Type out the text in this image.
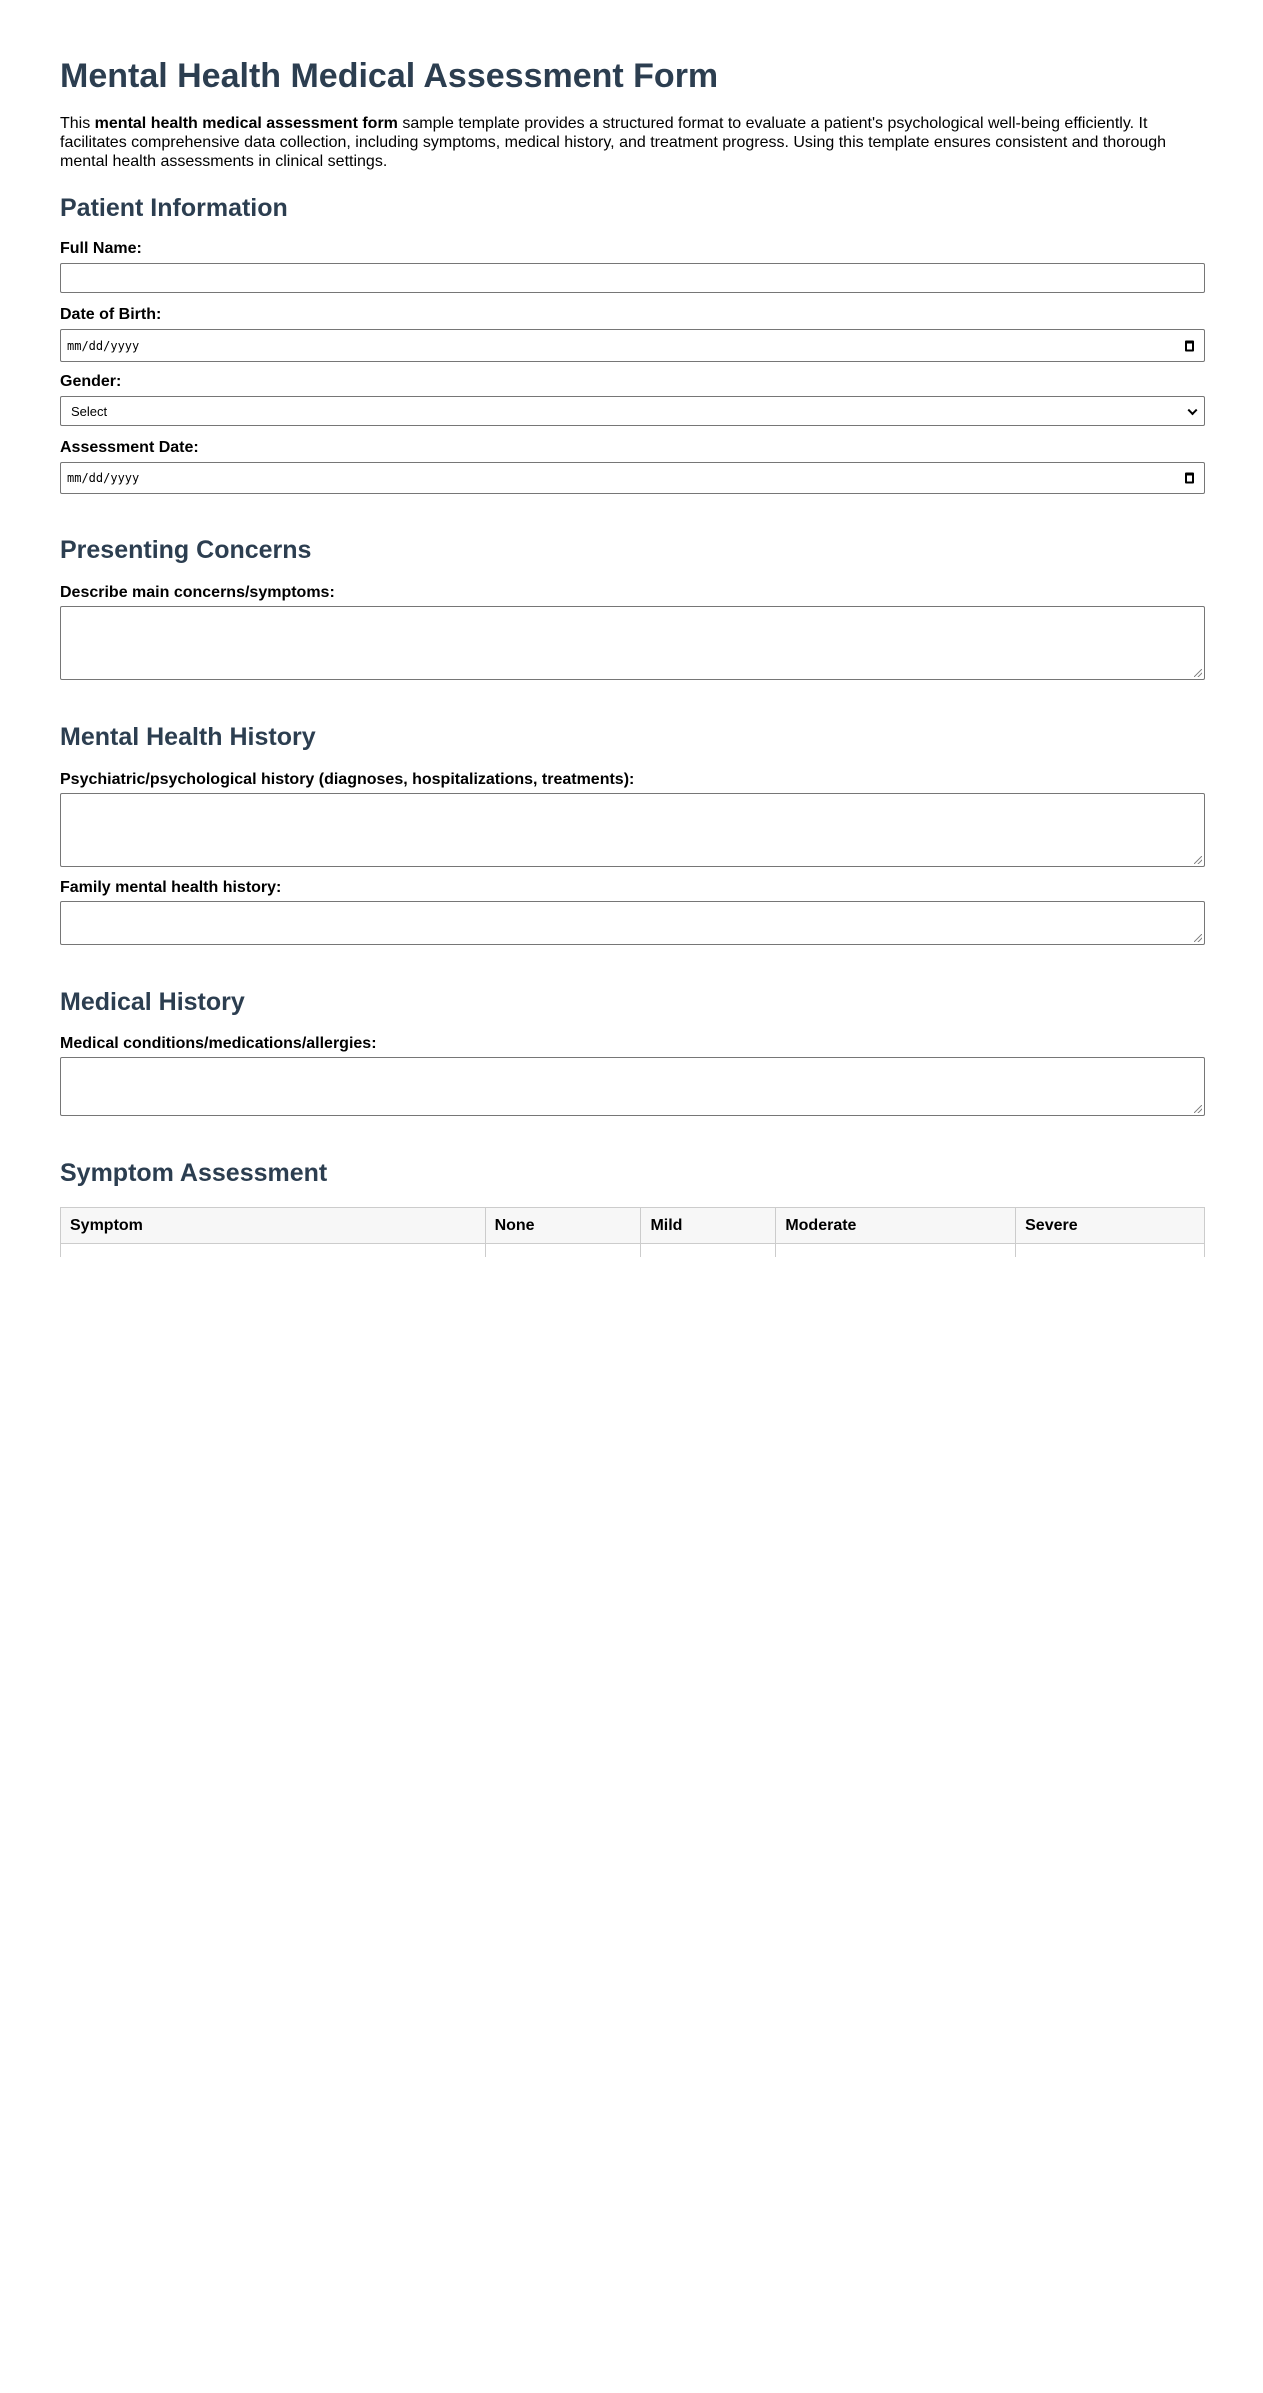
Mental Health Medical Assessment Form

This mental health medical assessment form sample template provides a structured format to evaluate a patient's psychological well-being efficiently. It facilitates comprehensive data collection, including symptoms, medical history, and treatment progress. Using this template ensures consistent and thorough mental health assessments in clinical settings.

Patient Information
Full Name:
Date of Birth:
mm/dd/yyyy
Gender:
Select
Assessment Date:
mm/dd/yyyy
Presenting Concerns
Describe main concerns/symptoms:
Mental Health History
Psychiatric/psychological history (diagnoses, hospitalizations, treatments):
Family mental health history:
Medical History
Medical conditions/medications/allergies:
Symptom Assessment
Symptom	None	Mild	Moderate	Severe
